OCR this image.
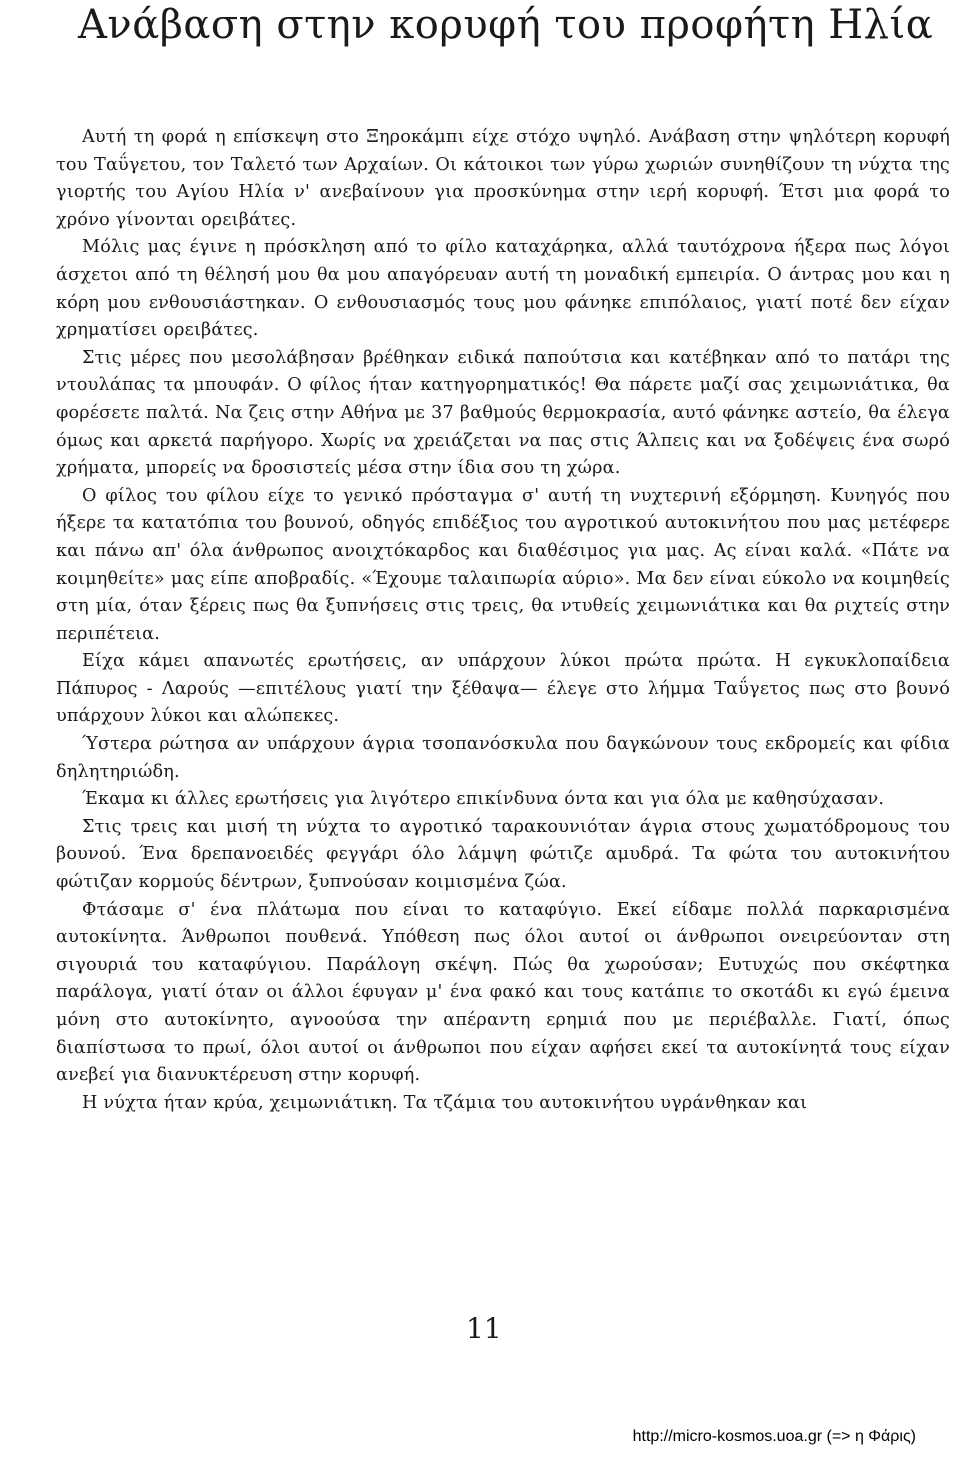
Ανάβαση στην κορυφή του προφήτη Ηλία

Αυτή τη φορά η επίσκεψη στο Ξηροκάμπι είχε στόχο υψηλό. Ανάβαση στην ψηλότερη κορυφή του Ταΰγετου, τον Ταλετό των Αρχαίων. Οι κάτοικοι των γύρω χωριών συνηθίζουν τη νύχτα της γιορτής του Αγίου Ηλία ν' ανεβαίνουν για προσκύνημα στην ιερή κορυφή. Έτσι μια φορά το χρόνο γίνονται ορειβάτες.

Μόλις μας έγινε η πρόσκληση από το φίλο καταχάρηκα, αλλά ταυτόχρονα ήξερα πως λόγοι άσχετοι από τη θέλησή μου θα μου απαγόρευαν αυτή τη μοναδική εμπειρία. Ο άντρας μου και η κόρη μου ενθουσιάστηκαν. Ο ενθουσιασμός τους μου φάνηκε επιπόλαιος, γιατί ποτέ δεν είχαν χρηματίσει ορειβάτες.

Στις μέρες που μεσολάβησαν βρέθηκαν ειδικά παπούτσια και κατέβηκαν από το πατάρι της ντουλάπας τα μπουφάν. Ο φίλος ήταν κατηγορηματικός! Θα πάρετε μαζί σας χειμωνιάτικα, θα φορέσετε παλτά. Να ζεις στην Αθήνα με 37 βαθμούς θερμοκρασία, αυτό φάνηκε αστείο, θα έλεγα όμως και αρκετά παρήγορο. Χωρίς να χρειάζεται να πας στις Άλπεις και να ξοδέψεις ένα σωρό χρήματα, μπορείς να δροσιστείς μέσα στην ίδια σου τη χώρα.

Ο φίλος του φίλου είχε το γενικό πρόσταγμα σ' αυτή τη νυχτερινή εξόρμηση. Κυνηγός που ήξερε τα κατατόπια του βουνού, οδηγός επιδέξιος του αγροτικού αυτοκινήτου που μας μετέφερε και πάνω απ' όλα άνθρωπος ανοιχτόκαρδος και διαθέσιμος για μας. Ας είναι καλά. «Πάτε να κοιμηθείτε» μας είπε αποβραδίς. «Έχουμε ταλαιπωρία αύριο». Μα δεν είναι εύκολο να κοιμηθείς στη μία, όταν ξέρεις πως θα ξυπνήσεις στις τρεις, θα ντυθείς χειμωνιάτικα και θα ριχτείς στην περιπέτεια.

Είχα κάμει απανωτές ερωτήσεις, αν υπάρχουν λύκοι πρώτα πρώτα. Η εγκυκλοπαίδεια Πάπυρος - Λαρούς —επιτέλους γιατί την ξέθαψα— έλεγε στο λήμμα Ταΰγετος πως στο βουνό υπάρχουν λύκοι και αλώπεκες.

Ύστερα ρώτησα αν υπάρχουν άγρια τσοπανόσκυλα που δαγκώνουν τους εκδρομείς και φίδια δηλητηριώδη.

Έκαμα κι άλλες ερωτήσεις για λιγότερο επικίνδυνα όντα και για όλα με καθησύχασαν.

Στις τρεις και μισή τη νύχτα το αγροτικό ταρακουνιόταν άγρια στους χωματόδρομους του βουνού. Ένα δρεπανοειδές φεγγάρι όλο λάμψη φώτιζε αμυδρά. Τα φώτα του αυτοκινήτου φώτιζαν κορμούς δέντρων, ξυπνούσαν κοιμισμένα ζώα.

Φτάσαμε σ' ένα πλάτωμα που είναι το καταφύγιο. Εκεί είδαμε πολλά παρκαρισμένα αυτοκίνητα. Άνθρωποι πουθενά. Υπόθεση πως όλοι αυτοί οι άνθρωποι ονειρεύονταν στη σιγουριά του καταφύγιου. Παράλογη σκέψη. Πώς θα χωρούσαν; Ευτυχώς που σκέφτηκα παράλογα, γιατί όταν οι άλλοι έφυγαν μ' ένα φακό και τους κατάπιε το σκοτάδι κι εγώ έμεινα μόνη στο αυτοκίνητο, αγνοούσα την απέραντη ερημιά που με περιέβαλλε. Γιατί, όπως διαπίστωσα το πρωί, όλοι αυτοί οι άνθρωποι που είχαν αφήσει εκεί τα αυτοκίνητά τους είχαν ανεβεί για διανυκτέρευση στην κορυφή.

Η νύχτα ήταν κρύα, χειμωνιάτικη. Τα τζάμια του αυτοκινήτου υγράνθηκαν και

11
http://micro-kosmos.uoa.gr (=> η Φάρις)
